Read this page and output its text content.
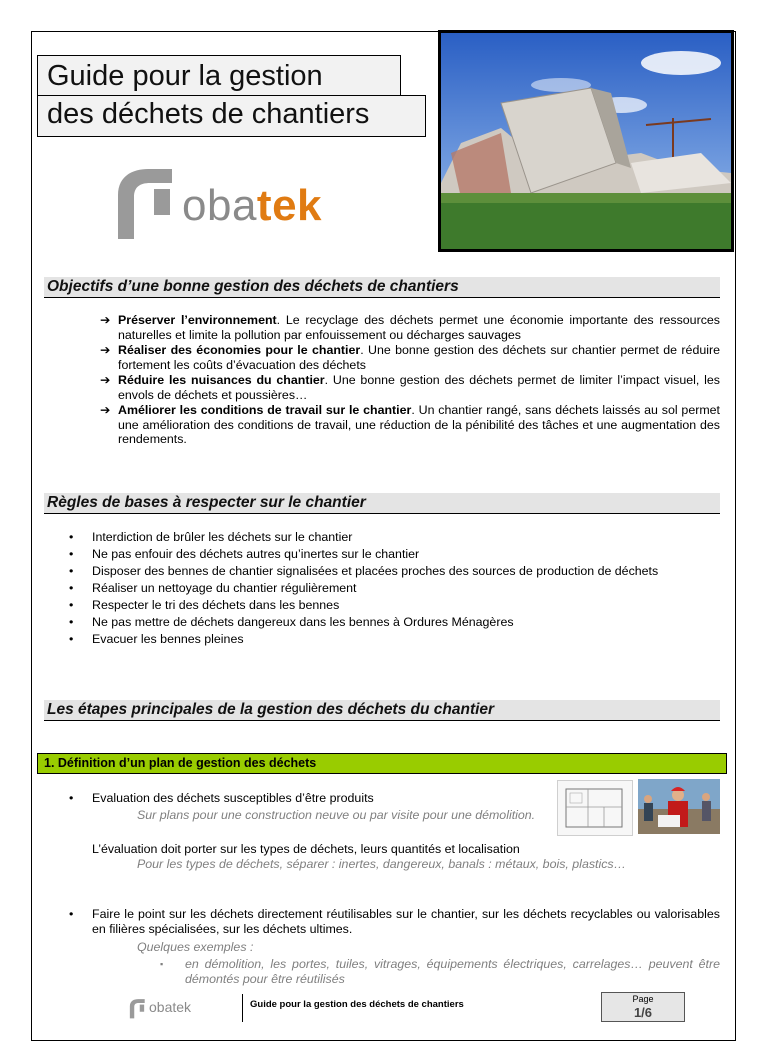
Guide pour la gestion
des déchets de chantiers
obatek
Objectifs d’une bonne gestion des déchets de chantiers
➔ Préserver l’environnement. Le recyclage des déchets permet une économie importante des ressources naturelles et limite la pollution par enfouissement ou décharges sauvages
➔ Réaliser des économies pour le chantier. Une bonne gestion des déchets sur chantier permet de réduire fortement les coûts d’évacuation des déchets
➔ Réduire les nuisances du chantier. Une bonne gestion des déchets permet de limiter l’impact visuel, les envols de déchets et poussières…
➔ Améliorer les conditions de travail sur le chantier. Un chantier rangé, sans déchets laissés au sol permet une amélioration des conditions de travail, une réduction de la pénibilité des tâches et une augmentation des rendements.
Règles de bases à respecter sur le chantier
• Interdiction de brûler les déchets sur le chantier
• Ne pas enfouir des déchets autres qu’inertes sur le chantier
• Disposer des bennes de chantier signalisées et placées proches des sources de production de déchets
• Réaliser un nettoyage du chantier régulièrement
• Respecter le tri des déchets dans les bennes
• Ne pas mettre de déchets dangereux dans les bennes à Ordures Ménagères
• Evacuer les bennes pleines
Les étapes principales de la gestion des déchets du chantier
1. Définition d’un plan de gestion des déchets
• Evaluation des déchets susceptibles d’être produits
Sur plans pour une construction neuve ou par visite pour une démolition.
L’évaluation doit porter sur les types de déchets, leurs quantités et localisation
Pour les types de déchets, séparer : inertes, dangereux, banals : métaux, bois, plastics…
• Faire le point sur les déchets directement réutilisables sur le chantier, sur les déchets recyclables ou valorisables en filières spécialisées, sur les déchets ultimes.
Quelques exemples :
▪ en démolition, les portes, tuiles, vitrages, équipements électriques, carrelages… peuvent être démontés pour être réutilisés
obatek	Guide pour la gestion des déchets de chantiers	Page
1/6
